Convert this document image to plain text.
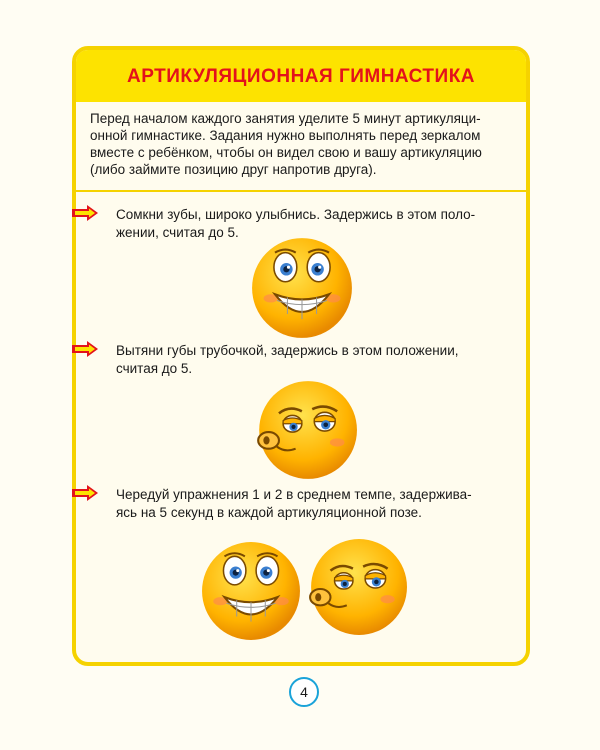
АРТИКУЛЯЦИОННАЯ ГИМНАСТИКА
Перед началом каждого занятия уделите 5 минут артикуляци-
онной гимнастике. Задания нужно выполнять перед зеркалом
вместе с ребёнком, чтобы он видел свою и вашу артикуляцию
(либо займите позицию друг напротив друга).
Сомкни зубы, широко улыбнись. Задержись в этом поло-
жении, считая до 5.
Вытяни губы трубочкой, задержись в этом положении,
считая до 5.
Чередуй упражнения 1 и 2 в среднем темпе, задержива-
ясь на 5 секунд в каждой артикуляционной позе.
4
